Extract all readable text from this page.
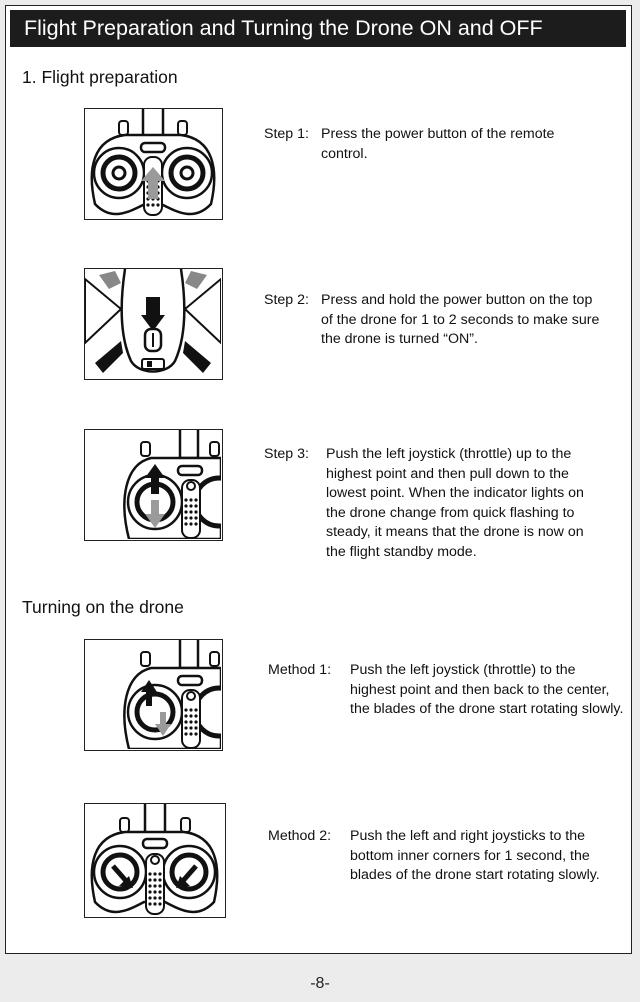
Flight Preparation and Turning the Drone ON and OFF
1. Flight preparation
Step 1: Press the power button of the remote control.
Step 2: Press and hold the power button on the top of the drone for 1 to 2 seconds to make sure the drone is turned “ON”.
Step 3: Push the left joystick (throttle) up to the highest point and then pull down to the lowest point. When the indicator lights on the drone change from quick flashing to steady, it means that the drone is now on the flight standby mode.
Turning on the drone
Method 1: Push the left joystick (throttle) to the highest point and then back to the center, the blades of the drone start rotating slowly.
Method 2: Push the left and right joysticks to the bottom inner corners for 1 second, the blades of the drone start rotating slowly.
-8-
